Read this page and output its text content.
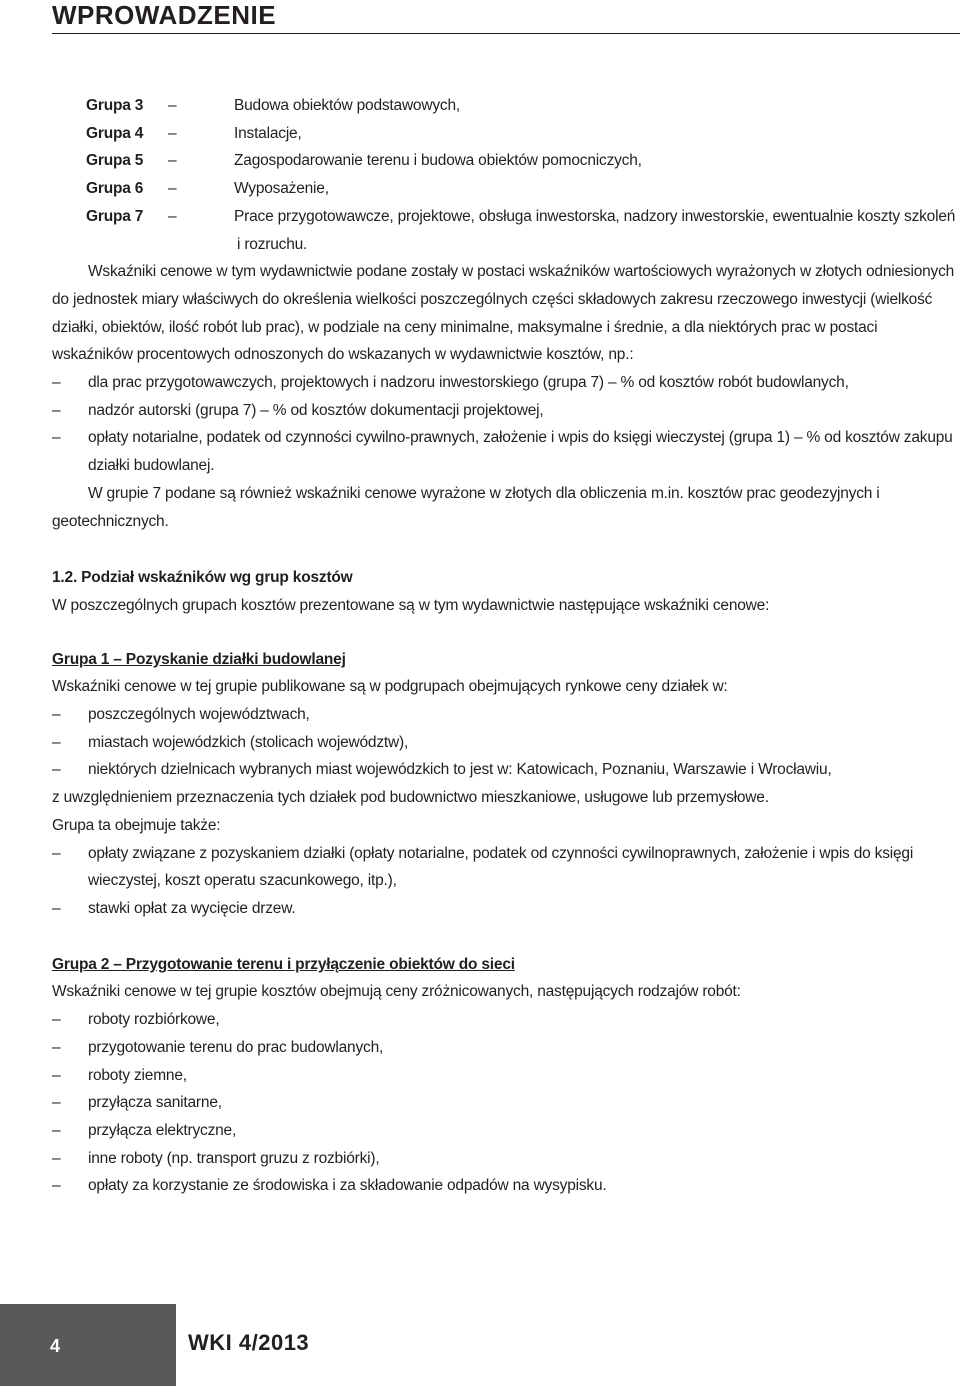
WPROWADZENIE
Grupa 3	–	Budowa obiektów podstawowych,
Grupa 4	–	Instalacje,
Grupa 5	–	Zagospodarowanie terenu i budowa obiektów pomocniczych,
Grupa 6	–	Wyposażenie,
Grupa 7	–	Prace przygotowawcze, projektowe, obsługa inwestorska, nadzory inwestorskie, ewentualnie koszty szkoleń
i rozruchu.

Wskaźniki cenowe w tym wydawnictwie podane zostały w postaci wskaźników wartościowych wyrażonych w złotych odniesionych do jednostek miary właściwych do określenia wielkości poszczególnych części składowych zakresu rzeczowego inwestycji (wielkość działki, obiektów, ilość robót lub prac), w podziale na ceny minimalne, maksymalne i średnie, a dla niektórych prac w postaci wskaźników procentowych odnoszonych do wskazanych w wydawnictwie kosztów, np.:

–	dla prac przygotowawczych, projektowych i nadzoru inwestorskiego (grupa 7) – % od kosztów robót budowlanych,
–	nadzór autorski (grupa 7) – % od kosztów dokumentacji projektowej,
–	opłaty notarialne, podatek od czynności cywilno-prawnych, założenie i wpis do księgi wieczystej (grupa 1) – % od kosztów zakupu działki budowlanej.

W grupie 7 podane są również wskaźniki cenowe wyrażone w złotych dla obliczenia m.in. kosztów prac geodezyjnych i geotechnicznych.

1.2. Podział wskaźników wg grup kosztów

W poszczególnych grupach kosztów prezentowane są w tym wydawnictwie następujące wskaźniki cenowe:

Grupa 1 – Pozyskanie działki budowlanej

Wskaźniki cenowe w tej grupie publikowane są w podgrupach obejmujących rynkowe ceny działek w:

–	poszczególnych województwach,
–	miastach wojewódzkich (stolicach województw),
–	niektórych dzielnicach wybranych miast wojewódzkich to jest w: Katowicach, Poznaniu, Warszawie i Wrocławiu,

z uwzględnieniem przeznaczenia tych działek pod budownictwo mieszkaniowe, usługowe lub przemysłowe.

Grupa ta obejmuje także:

–	opłaty związane z pozyskaniem działki (opłaty notarialne, podatek od czynności cywilnoprawnych, założenie i wpis do księgi wieczystej, koszt operatu szacunkowego, itp.),
–	stawki opłat za wycięcie drzew.

Grupa 2 – Przygotowanie terenu i przyłączenie obiektów do sieci

Wskaźniki cenowe w tej grupie kosztów obejmują ceny zróżnicowanych, następujących rodzajów robót:

–	roboty rozbiórkowe,
–	przygotowanie terenu do prac budowlanych,
–	roboty ziemne,
–	przyłącza sanitarne,
–	przyłącza elektryczne,
–	inne roboty (np. transport gruzu z rozbiórki),
–	opłaty za korzystanie ze środowiska i za składowanie odpadów na wysypisku.
4	WKI 4/2013
